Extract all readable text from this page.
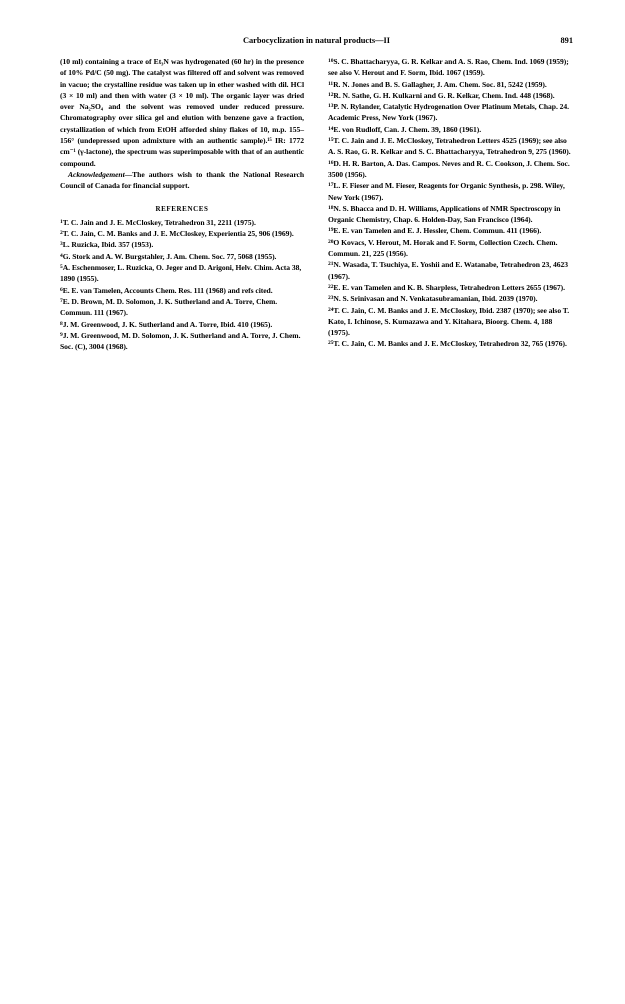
Carbocyclization in natural products—II	891

(10 ml) containing a trace of Et₃N was hydrogenated (60 hr) in the presence of 10% Pd/C (50 mg). The catalyst was filtered off and solvent was removed in vacuo; the crystalline residue was taken up in ether washed with dil. HCl (3 × 10 ml) and then with water (3 × 10 ml). The organic layer was dried over Na₂SO₄ and the solvent was removed under reduced pressure. Chromatography over silica gel and elution with benzene gave a fraction, crystallization of which from EtOH afforded shiny flakes of 10, m.p. 155–156° (undepressed upon admixture with an authentic sample).¹⁵ IR: 1772 cm⁻¹ (γ-lactone), the spectrum was superimposable with that of an authentic compound.

Acknowledgement—The authors wish to thank the National Research Council of Canada for financial support.

REFERENCES

$^1$T. C. Jain and J. E. McCloskey, Tetrahedron 31, 2211 (1975).

$^2$T. C. Jain, C. M. Banks and J. E. McCloskey, Experientia 25, 906 (1969).

$^3$L. Ruzicka, Ibid. 357 (1953).

$^4$G. Stork and A. W. Burgstahler, J. Am. Chem. Soc. 77, 5068 (1955).

$^5$A. Eschenmoser, L. Ruzicka, O. Jeger and D. Arigoni, Helv. Chim. Acta 38, 1890 (1955).

$^6$E. E. van Tamelen, Accounts Chem. Res. 111 (1968) and refs cited.

$^7$E. D. Brown, M. D. Solomon, J. K. Sutherland and A. Torre, Chem. Commun. 111 (1967).

$^8$J. M. Greenwood, J. K. Sutherland and A. Torre, Ibid. 410 (1965).

$^9$J. M. Greenwood, M. D. Solomon, J. K. Sutherland and A. Torre, J. Chem. Soc. (C), 3004 (1968).

$^{10}$S. C. Bhattacharyya, G. R. Kelkar and A. S. Rao, Chem. Ind. 1069 (1959); see also V. Herout and F. Sorm, Ibid. 1067 (1959).

$^{11}$R. N. Jones and B. S. Gallagher, J. Am. Chem. Soc. 81, 5242 (1959).

$^{12}$R. N. Sathe, G. H. Kulkarni and G. R. Kelkar, Chem. Ind. 448 (1968).

$^{13}$P. N. Rylander, Catalytic Hydrogenation Over Platinum Metals, Chap. 24. Academic Press, New York (1967).

$^{14}$E. von Rudloff, Can. J. Chem. 39, 1860 (1961).

$^{15}$T. C. Jain and J. E. McCloskey, Tetrahedron Letters 4525 (1969); see also A. S. Rao, G. R. Kelkar and S. C. Bhattacharyya, Tetrahedron 9, 275 (1960).

$^{16}$D. H. R. Barton, A. Das. Campos. Neves and R. C. Cookson, J. Chem. Soc. 3500 (1956).

$^{17}$L. F. Fieser and M. Fieser, Reagents for Organic Synthesis, p. 298. Wiley, New York (1967).

$^{18}$N. S. Bhacca and D. H. Williams, Applications of NMR Spectroscopy in Organic Chemistry, Chap. 6. Holden-Day, San Francisco (1964).

$^{19}$E. E. van Tamelen and E. J. Hessler, Chem. Commun. 411 (1966).

$^{20}$O Kovacs, V. Herout, M. Horak and F. Sorm, Collection Czech. Chem. Commun. 21, 225 (1956).

$^{21}$N. Wasada, T. Tsuchiya, E. Yoshii and E. Watanabe, Tetrahedron 23, 4623 (1967).

$^{22}$E. E. van Tamelen and K. B. Sharpless, Tetrahedron Letters 2655 (1967).

$^{23}$N. S. Srinivasan and N. Venkatasubramanian, Ibid. 2039 (1970).

$^{24}$T. C. Jain, C. M. Banks and J. E. McCloskey, Ibid. 2387 (1970); see also T. Kato, I. Ichinose, S. Kumazawa and Y. Kitahara, Bioorg. Chem. 4, 188 (1975).

$^{25}$T. C. Jain, C. M. Banks and J. E. McCloskey, Tetrahedron 32, 765 (1976).
